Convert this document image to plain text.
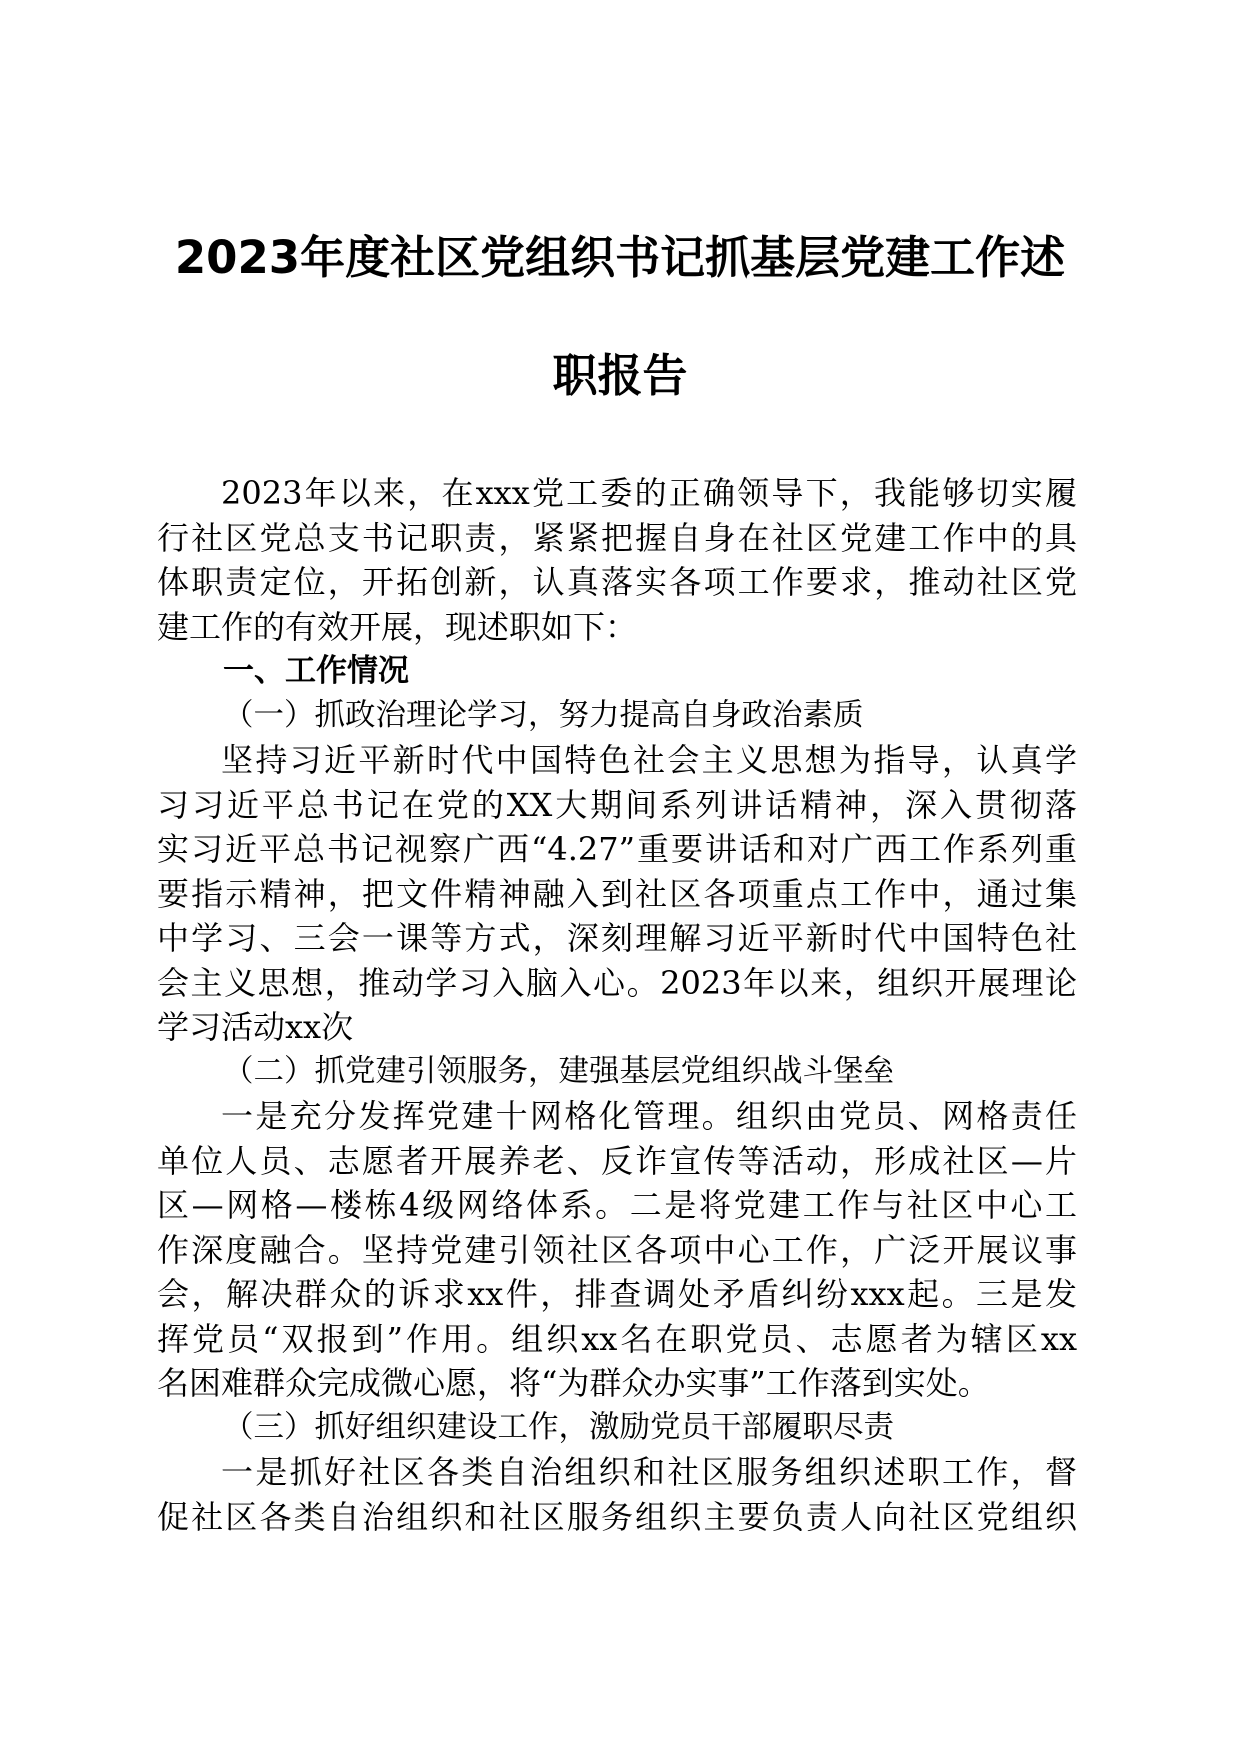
2023年度社区党组织书记抓基层党建工作述
职报告
2023年以来，在xxx党工委的正确领导下，我能够切实履
行社区党总支书记职责，紧紧把握自身在社区党建工作中的具
体职责定位，开拓创新，认真落实各项工作要求，推动社区党
建工作的有效开展，现述职如下：
一、工作情况
（一）抓政治理论学习，努力提高自身政治素质
坚持习近平新时代中国特色社会主义思想为指导，认真学
习习近平总书记在党的XX大期间系列讲话精神，深入贯彻落
实习近平总书记视察广西“4.27”重要讲话和对广西工作系列重
要指示精神，把文件精神融入到社区各项重点工作中，通过集
中学习、三会一课等方式，深刻理解习近平新时代中国特色社
会主义思想，推动学习入脑入心。2023年以来，组织开展理论
学习活动xx次
（二）抓党建引领服务，建强基层党组织战斗堡垒
一是充分发挥党建十网格化管理。组织由党员、网格责任
单位人员、志愿者开展养老、反诈宣传等活动，形成社区—片
区—网格—楼栋4级网络体系。二是将党建工作与社区中心工
作深度融合。坚持党建引领社区各项中心工作，广泛开展议事
会，解决群众的诉求xx件，排查调处矛盾纠纷xxx起。三是发
挥党员“双报到”作用。组织xx名在职党员、志愿者为辖区xx
名困难群众完成微心愿，将“为群众办实事”工作落到实处。
（三）抓好组织建设工作，激励党员干部履职尽责
一是抓好社区各类自治组织和社区服务组织述职工作，督
促社区各类自治组织和社区服务组织主要负责人向社区党组织
